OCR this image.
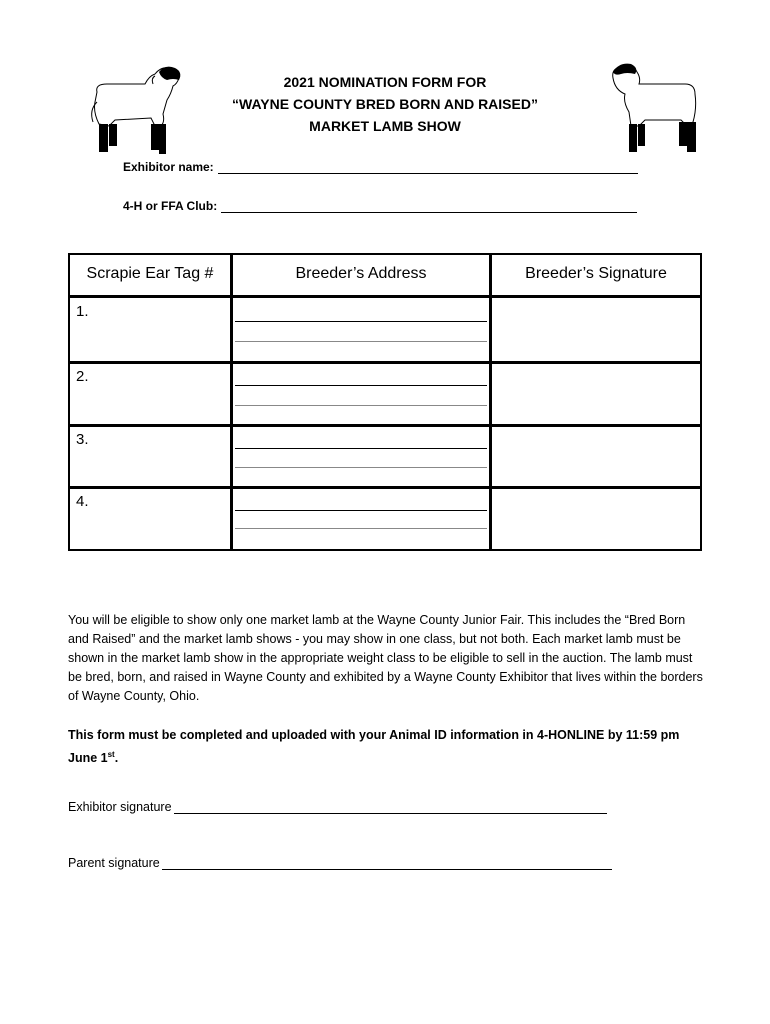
2021 NOMINATION FORM FOR
“WAYNE COUNTY BRED BORN AND RAISED”
MARKET LAMB SHOW
Exhibitor name:
4-H or FFA Club:
Scrapie Ear Tag #	Breeder’s Address	Breeder’s Signature
1.
2.
3.
4.

You will be eligible to show only one market lamb at the Wayne County Junior Fair. This includes the “Bred Born and Raised” and the market lamb shows - you may show in one class, but not both. Each market lamb must be shown in the market lamb show in the appropriate weight class to be eligible to sell in the auction. The lamb must be bred, born, and raised in Wayne County and exhibited by a Wayne County Exhibitor that lives within the borders of Wayne County, Ohio.

This form must be completed and uploaded with your Animal ID information in 4-HONLINE by 11:59 pm June 1st.
Exhibitor signature
Parent signature
